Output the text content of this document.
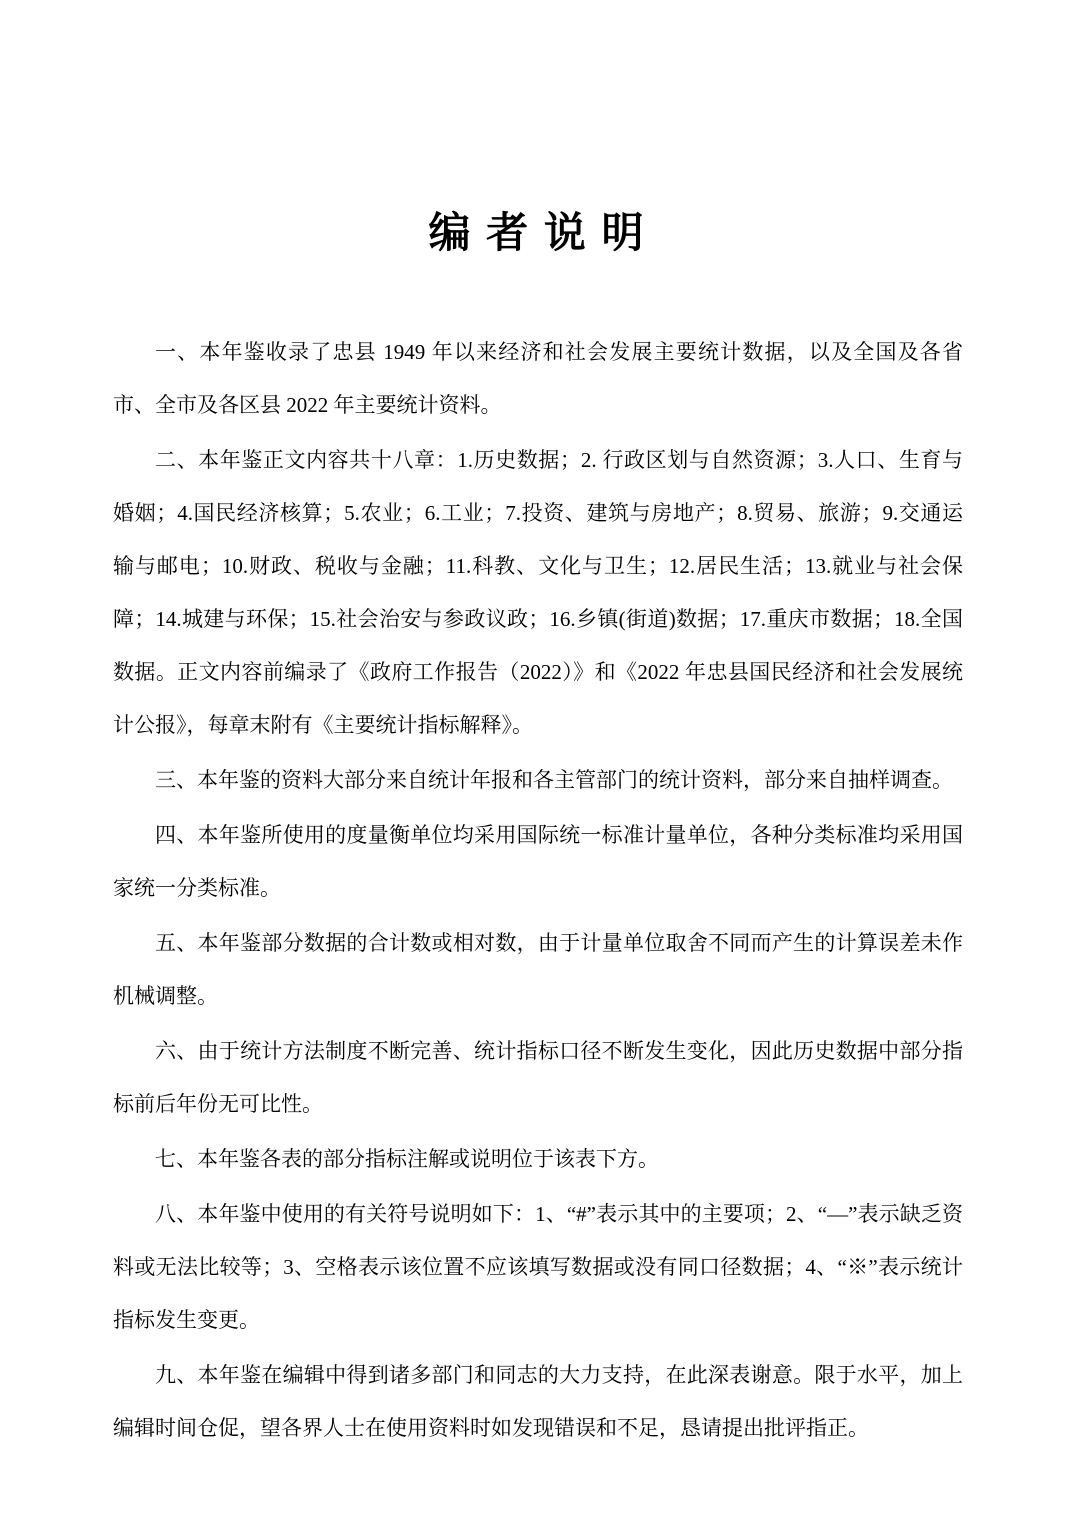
编 者 说 明

一、本年鉴收录了忠县 1949 年以来经济和社会发展主要统计数据，以及全国及各省市、全市及各区县 2022 年主要统计资料。

二、本年鉴正文内容共十八章：1.历史数据；2. 行政区划与自然资源；3.人口、生育与婚姻；4.国民经济核算；5.农业；6.工业；7.投资、建筑与房地产；8.贸易、旅游；9.交通运输与邮电；10.财政、税收与金融；11.科教、文化与卫生；12.居民生活；13.就业与社会保障；14.城建与环保；15.社会治安与参政议政；16.乡镇(街道)数据；17.重庆市数据；18.全国数据。正文内容前编录了《政府工作报告（2022）》和《2022 年忠县国民经济和社会发展统计公报》，每章末附有《主要统计指标解释》。

三、本年鉴的资料大部分来自统计年报和各主管部门的统计资料，部分来自抽样调查。

四、本年鉴所使用的度量衡单位均采用国际统一标准计量单位，各种分类标准均采用国家统一分类标准。

五、本年鉴部分数据的合计数或相对数，由于计量单位取舍不同而产生的计算误差未作机械调整。

六、由于统计方法制度不断完善、统计指标口径不断发生变化，因此历史数据中部分指标前后年份无可比性。

七、本年鉴各表的部分指标注解或说明位于该表下方。

八、本年鉴中使用的有关符号说明如下：1、“#”表示其中的主要项；2、“—”表示缺乏资料或无法比较等；3、空格表示该位置不应该填写数据或没有同口径数据；4、“※”表示统计指标发生变更。

九、本年鉴在编辑中得到诸多部门和同志的大力支持，在此深表谢意。限于水平，加上编辑时间仓促，望各界人士在使用资料时如发现错误和不足，恳请提出批评指正。
